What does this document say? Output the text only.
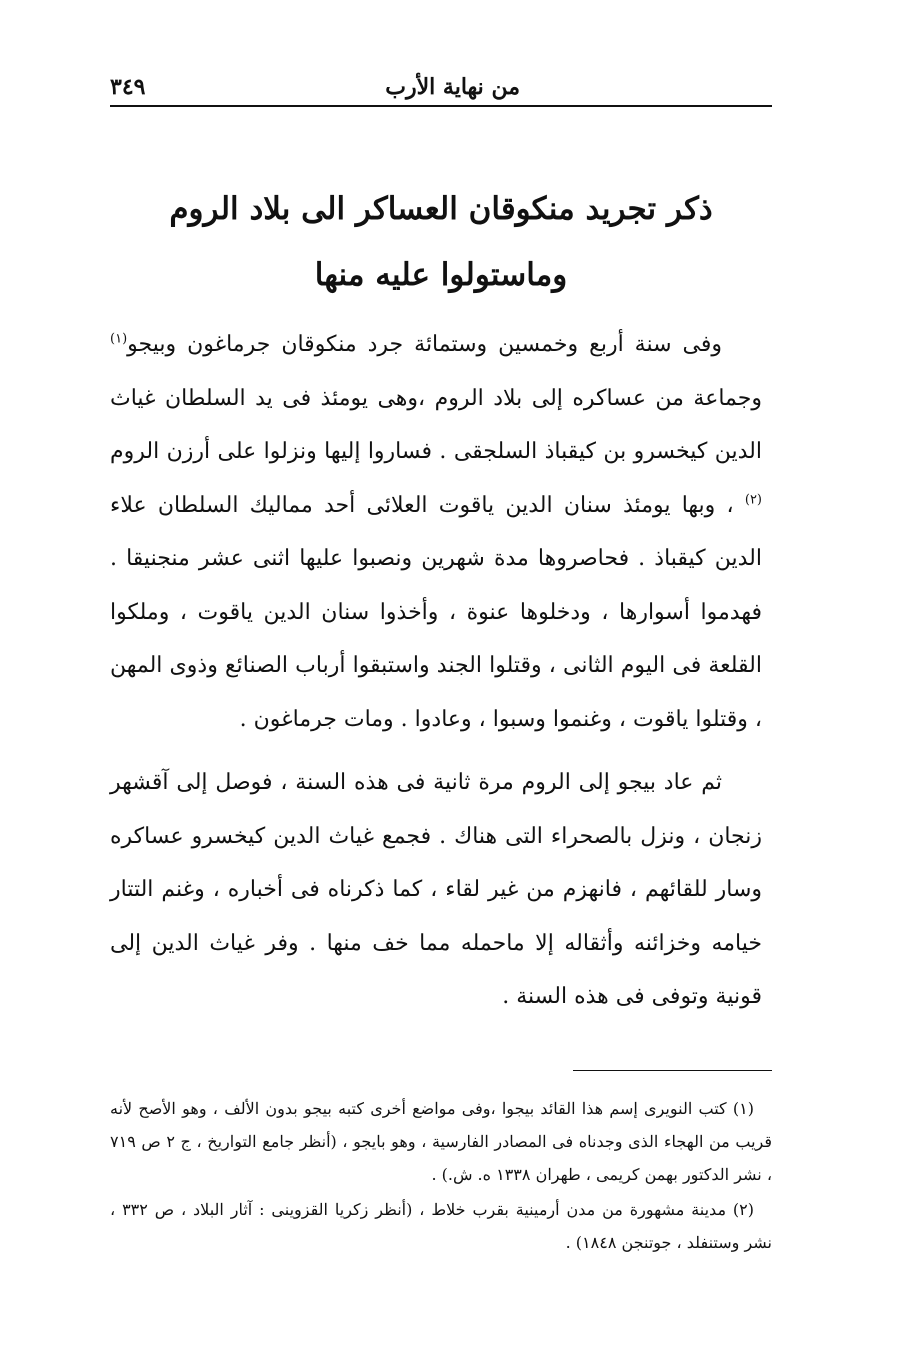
من نهاية الأرب
٣٤٩
ذكر تجريد منكوقان العساكر الى بلاد الروم وماستولوا عليه منها

وفى سنة أربع وخمسين وستمائة جرد منكوقان جرماغون وبيجو$^{(١)}$ وجماعة من عساكره إلى بلاد الروم ،وهى يومئذ فى يد السلطان غياث الدين كيخسرو بن كيقباذ السلجقى . فساروا إليها ونزلوا على أرزن الروم $^{(٢)}$ ، وبها يومئذ سنان الدين ياقوت العلائى أحد مماليك السلطان علاء الدين كيقباذ . فحاصروها مدة شهرين ونصبوا عليها اثنى عشر منجنيقا . فهدموا أسوارها ، ودخلوها عنوة ، وأخذوا سنان الدين ياقوت ، وملكوا القلعة فى اليوم الثانى ، وقتلوا الجند واستبقوا أرباب الصنائع وذوى المهن ، وقتلوا ياقوت ، وغنموا وسبوا ، وعادوا . ومات جرماغون .

ثم عاد بيجو إلى الروم مرة ثانية فى هذه السنة ، فوصل إلى آقشهر زنجان ، ونزل بالصحراء التى هناك . فجمع غياث الدين كيخسرو عساكره وسار للقائهم ، فانهزم من غير لقاء ، كما ذكرناه فى أخباره ، وغنم التتار خيامه وخزائنه وأثقاله إلا ماحمله مما خف منها . وفر غياث الدين إلى قونية وتوفى فى هذه السنة .

(١) كتب النويرى إسم هذا القائد بيجوا ،وفى مواضع أخرى كتبه بيجو بدون الألف ، وهو الأصح لأنه قريب من الهجاء الذى وجدناه فى المصادر الفارسية ، وهو بايجو ، (أنظر جامع التواريخ ، ج ٢ ص ٧١٩ ، نشر الدكتور بهمن كريمى ، طهران ١٣٣٨ ه. ش.) .

(٢) مدينة مشهورة من مدن أرمينية بقرب خلاط ، (أنظر زكريا القزوينى : آثار البلاد ، ص ٣٣٢ ، نشر وستنفلد ، جوتنجن ١٨٤٨) .
